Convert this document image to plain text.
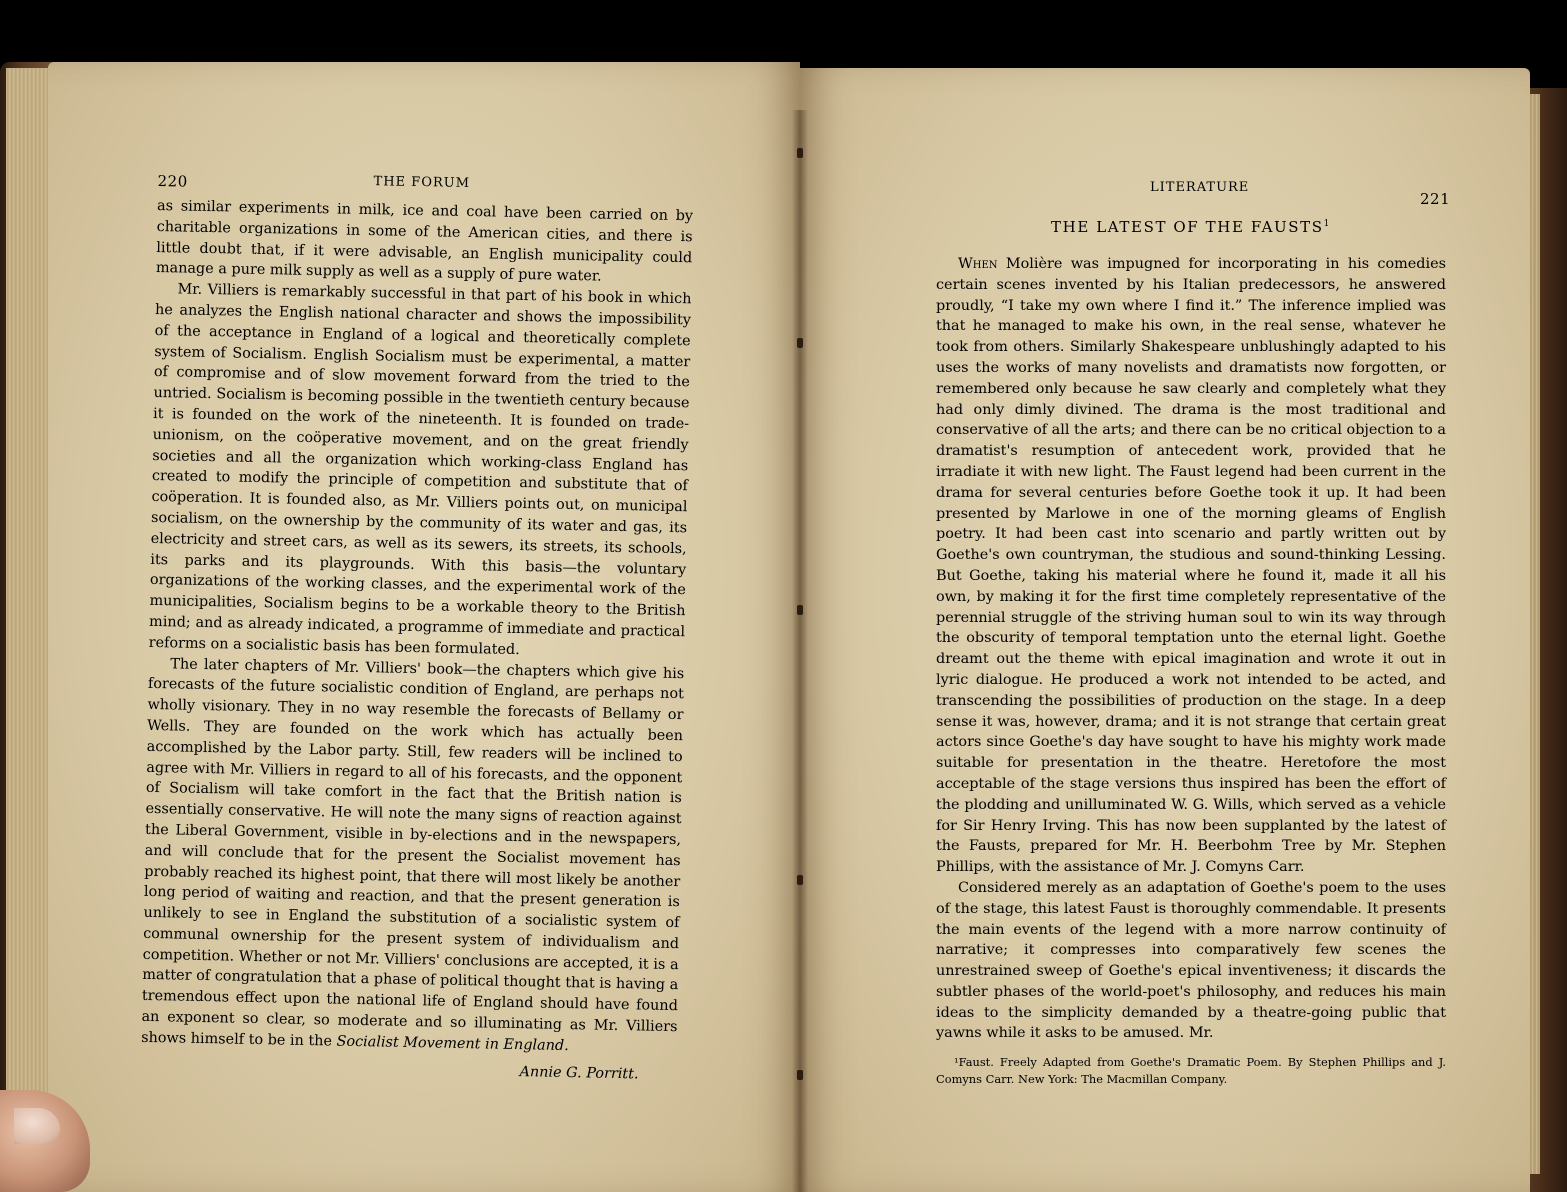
220	THE FORUM

as similar experiments in milk, ice and coal have been carried on by charitable organizations in some of the American cities, and there is little doubt that, if it were advisable, an English municipality could manage a pure milk supply as well as a supply of pure water.

Mr. Villiers is remarkably successful in that part of his book in which he analyzes the English national character and shows the impossibility of the acceptance in England of a logical and theoretically complete system of Socialism. English Socialism must be experimental, a matter of compromise and of slow movement forward from the tried to the untried. Socialism is becoming possible in the twentieth century because it is founded on the work of the nineteenth. It is founded on trade-unionism, on the coöperative movement, and on the great friendly societies and all the organization which working-class England has created to modify the principle of competition and substitute that of coöperation. It is founded also, as Mr. Villiers points out, on municipal socialism, on the ownership by the community of its water and gas, its electricity and street cars, as well as its sewers, its streets, its schools, its parks and its playgrounds. With this basis—the voluntary organizations of the working classes, and the experimental work of the municipalities, Socialism begins to be a workable theory to the British mind; and as already indicated, a programme of immediate and practical reforms on a socialistic basis has been formulated.

The later chapters of Mr. Villiers' book—the chapters which give his forecasts of the future socialistic condition of England, are perhaps not wholly visionary. They in no way resemble the forecasts of Bellamy or Wells. They are founded on the work which has actually been accomplished by the Labor party. Still, few readers will be inclined to agree with Mr. Villiers in regard to all of his forecasts, and the opponent of Socialism will take comfort in the fact that the British nation is essentially conservative. He will note the many signs of reaction against the Liberal Government, visible in by-elections and in the newspapers, and will conclude that for the present the Socialist movement has probably reached its highest point, that there will most likely be another long period of waiting and reaction, and that the present generation is unlikely to see in England the substitution of a socialistic system of communal ownership for the present system of individualism and competition. Whether or not Mr. Villiers' conclusions are accepted, it is a matter of congratulation that a phase of political thought that is having a tremendous effect upon the national life of England should have found an exponent so clear, so moderate and so illuminating as Mr. Villiers shows himself to be in the Socialist Movement in England.

Annie G. Porritt.
LITERATURE
221
THE LATEST OF THE FAUSTS$^1$

When Molière was impugned for incorporating in his comedies certain scenes invented by his Italian predecessors, he answered proudly, “I take my own where I find it.” The inference implied was that he managed to make his own, in the real sense, whatever he took from others. Similarly Shakespeare unblushingly adapted to his uses the works of many novelists and dramatists now forgotten, or remembered only because he saw clearly and completely what they had only dimly divined. The drama is the most traditional and conservative of all the arts; and there can be no critical objection to a dramatist's resumption of antecedent work, provided that he irradiate it with new light. The Faust legend had been current in the drama for several centuries before Goethe took it up. It had been presented by Marlowe in one of the morning gleams of English poetry. It had been cast into scenario and partly written out by Goethe's own countryman, the studious and sound-thinking Lessing. But Goethe, taking his material where he found it, made it all his own, by making it for the first time completely representative of the perennial struggle of the striving human soul to win its way through the obscurity of temporal temptation unto the eternal light. Goethe dreamt out the theme with epical imagination and wrote it out in lyric dialogue. He produced a work not intended to be acted, and transcending the possibilities of production on the stage. In a deep sense it was, however, drama; and it is not strange that certain great actors since Goethe's day have sought to have his mighty work made suitable for presentation in the theatre. Heretofore the most acceptable of the stage versions thus inspired has been the effort of the plodding and unilluminated W. G. Wills, which served as a vehicle for Sir Henry Irving. This has now been supplanted by the latest of the Fausts, prepared for Mr. H. Beerbohm Tree by Mr. Stephen Phillips, with the assistance of Mr. J. Comyns Carr.

Considered merely as an adaptation of Goethe's poem to the uses of the stage, this latest Faust is thoroughly commendable. It presents the main events of the legend with a more narrow continuity of narrative; it compresses into comparatively few scenes the unrestrained sweep of Goethe's epical inventiveness; it discards the subtler phases of the world-poet's philosophy, and reduces his main ideas to the simplicity demanded by a theatre-going public that yawns while it asks to be amused. Mr.

¹Faust. Freely Adapted from Goethe's Dramatic Poem. By Stephen Phillips and J. Comyns Carr. New York: The Macmillan Company.
